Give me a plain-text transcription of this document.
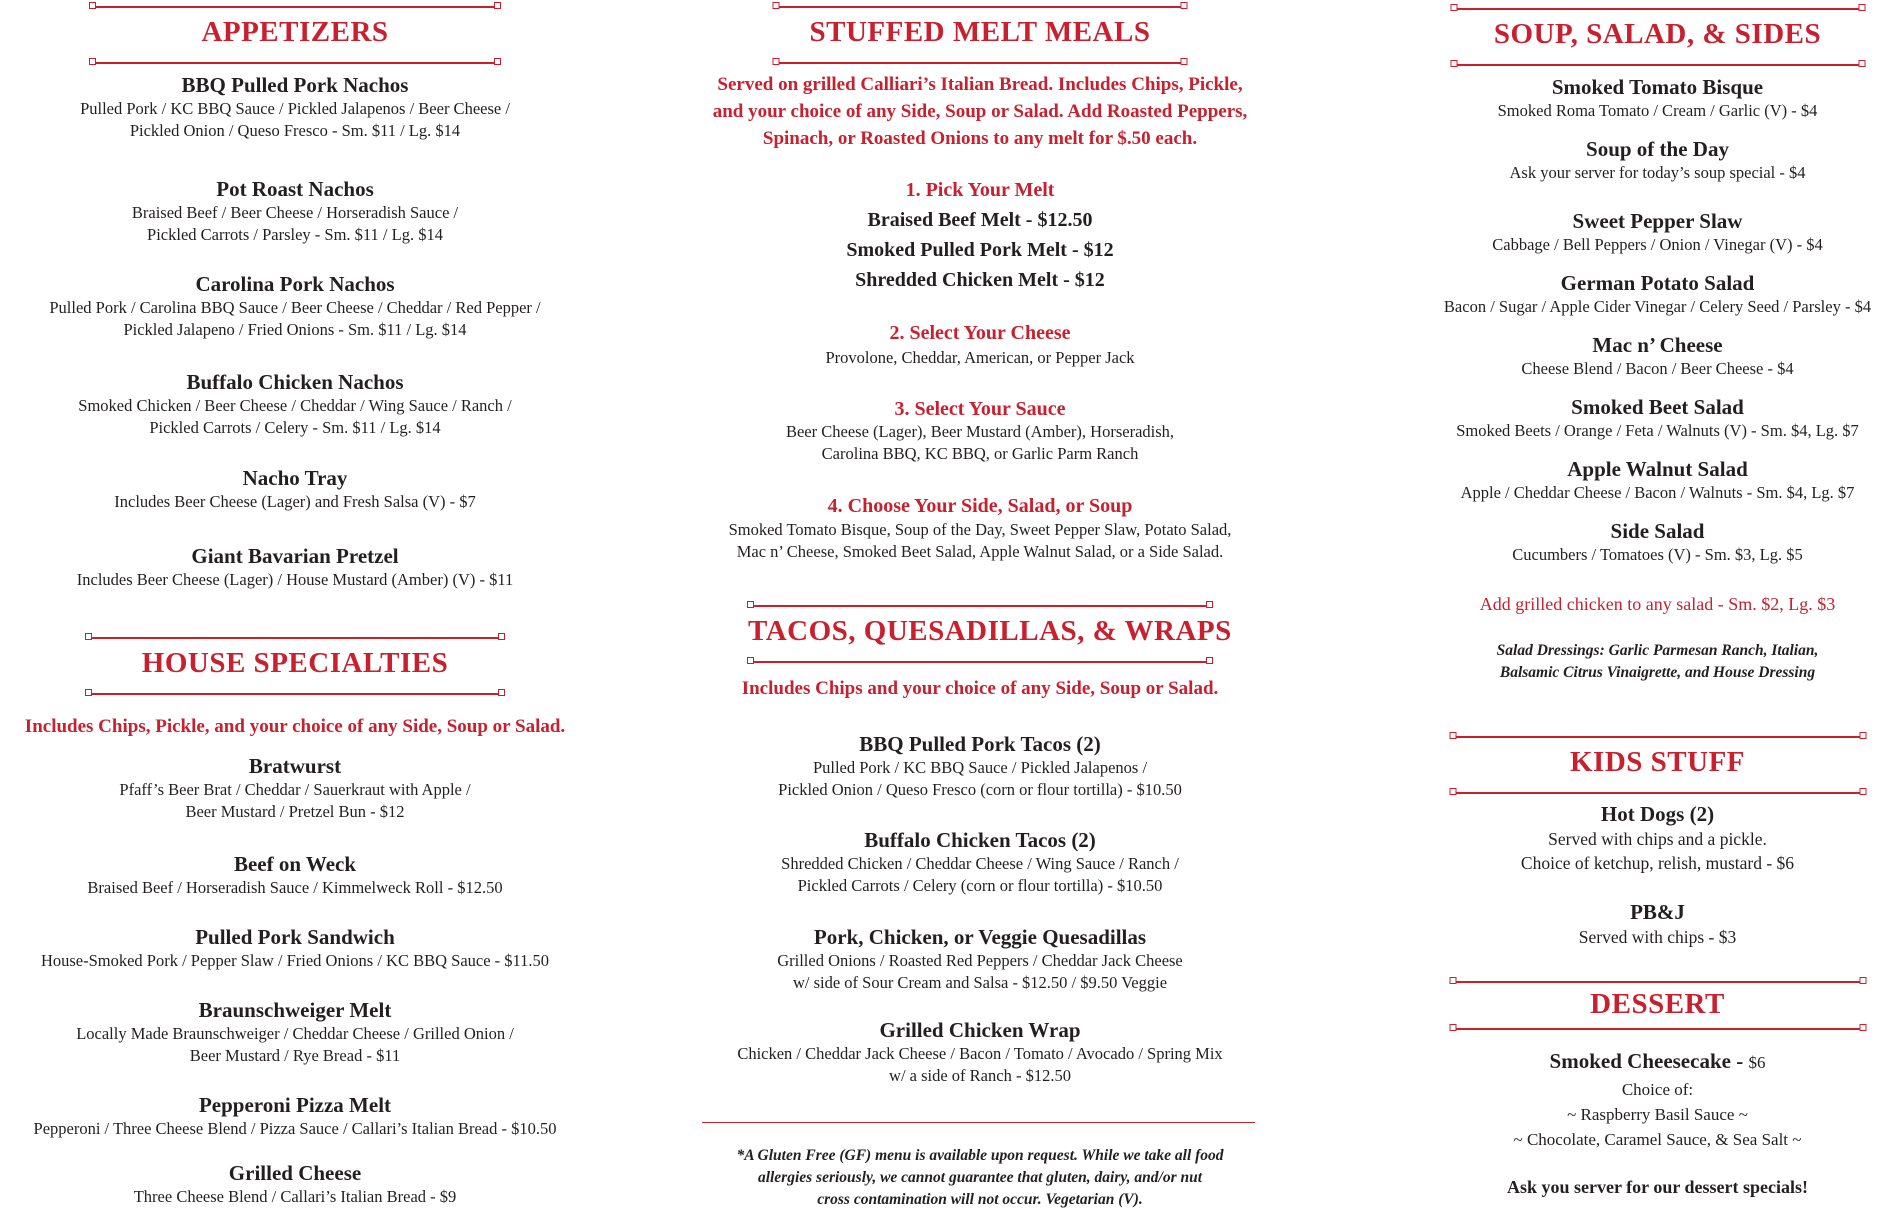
APPETIZERS
BBQ Pulled Pork Nachos
Pulled Pork / KC BBQ Sauce / Pickled Jalapenos / Beer Cheese /
Pickled Onion / Queso Fresco - Sm. $11 / Lg. $14
Pot Roast Nachos
Braised Beef / Beer Cheese / Horseradish Sauce /
Pickled Carrots / Parsley - Sm. $11 / Lg. $14
Carolina Pork Nachos
Pulled Pork / Carolina BBQ Sauce / Beer Cheese / Cheddar / Red Pepper /
Pickled Jalapeno / Fried Onions - Sm. $11 / Lg. $14
Buffalo Chicken Nachos
Smoked Chicken / Beer Cheese / Cheddar / Wing Sauce / Ranch /
Pickled Carrots / Celery - Sm. $11 / Lg. $14
Nacho Tray
Includes Beer Cheese (Lager) and Fresh Salsa (V) - $7
Giant Bavarian Pretzel
Includes Beer Cheese (Lager) / House Mustard (Amber) (V) - $11
HOUSE SPECIALTIES
Includes Chips, Pickle, and your choice of any Side, Soup or Salad.
Bratwurst
Pfaff’s Beer Brat / Cheddar / Sauerkraut with Apple /
Beer Mustard / Pretzel Bun - $12
Beef on Weck
Braised Beef / Horseradish Sauce / Kimmelweck Roll - $12.50
Pulled Pork Sandwich
House-Smoked Pork / Pepper Slaw / Fried Onions / KC BBQ Sauce - $11.50
Braunschweiger Melt
Locally Made Braunschweiger / Cheddar Cheese / Grilled Onion /
Beer Mustard / Rye Bread - $11
Pepperoni Pizza Melt
Pepperoni / Three Cheese Blend / Pizza Sauce / Callari’s Italian Bread - $10.50
Grilled Cheese
Three Cheese Blend / Callari’s Italian Bread - $9
STUFFED MELT MEALS
Served on grilled Calliari’s Italian Bread. Includes Chips, Pickle,
and your choice of any Side, Soup or Salad. Add Roasted Peppers,
Spinach, or Roasted Onions to any melt for $.50 each.
1. Pick Your Melt
Braised Beef Melt - $12.50
Smoked Pulled Pork Melt - $12
Shredded Chicken Melt - $12
2. Select Your Cheese
Provolone, Cheddar, American, or Pepper Jack
3. Select Your Sauce
Beer Cheese (Lager), Beer Mustard (Amber), Horseradish,
Carolina BBQ, KC BBQ, or Garlic Parm Ranch
4. Choose Your Side, Salad, or Soup
Smoked Tomato Bisque, Soup of the Day, Sweet Pepper Slaw, Potato Salad,
Mac n’ Cheese, Smoked Beet Salad, Apple Walnut Salad, or a Side Salad.
TACOS, QUESADILLAS, & WRAPS
Includes Chips and your choice of any Side, Soup or Salad.
BBQ Pulled Pork Tacos (2)
Pulled Pork / KC BBQ Sauce / Pickled Jalapenos /
Pickled Onion / Queso Fresco (corn or flour tortilla) - $10.50
Buffalo Chicken Tacos (2)
Shredded Chicken / Cheddar Cheese / Wing Sauce / Ranch /
Pickled Carrots / Celery (corn or flour tortilla) - $10.50
Pork, Chicken, or Veggie Quesadillas
Grilled Onions / Roasted Red Peppers / Cheddar Jack Cheese
w/ side of Sour Cream and Salsa - $12.50 / $9.50 Veggie
Grilled Chicken Wrap
Chicken / Cheddar Jack Cheese / Bacon / Tomato / Avocado / Spring Mix
w/ a side of Ranch - $12.50
*A Gluten Free (GF) menu is available upon request. While we take all food
allergies seriously, we cannot guarantee that gluten, dairy, and/or nut
cross contamination will not occur. Vegetarian (V).
SOUP, SALAD, & SIDES
Smoked Tomato Bisque
Smoked Roma Tomato / Cream / Garlic (V) - $4
Soup of the Day
Ask your server for today’s soup special - $4
Sweet Pepper Slaw
Cabbage / Bell Peppers / Onion / Vinegar (V) - $4
German Potato Salad
Bacon / Sugar / Apple Cider Vinegar / Celery Seed / Parsley - $4
Mac n’ Cheese
Cheese Blend / Bacon / Beer Cheese - $4
Smoked Beet Salad
Smoked Beets / Orange / Feta / Walnuts (V) - Sm. $4, Lg. $7
Apple Walnut Salad
Apple / Cheddar Cheese / Bacon / Walnuts - Sm. $4, Lg. $7
Side Salad
Cucumbers / Tomatoes (V) - Sm. $3, Lg. $5
Add grilled chicken to any salad - Sm. $2, Lg. $3
Salad Dressings: Garlic Parmesan Ranch, Italian,
Balsamic Citrus Vinaigrette, and House Dressing
KIDS STUFF
Hot Dogs (2)
Served with chips and a pickle.
Choice of ketchup, relish, mustard - $6
PB&J
Served with chips - $3
DESSERT
Smoked Cheesecake - $6
Choice of:
~ Raspberry Basil Sauce ~
~ Chocolate, Caramel Sauce, & Sea Salt ~
Ask you server for our dessert specials!
